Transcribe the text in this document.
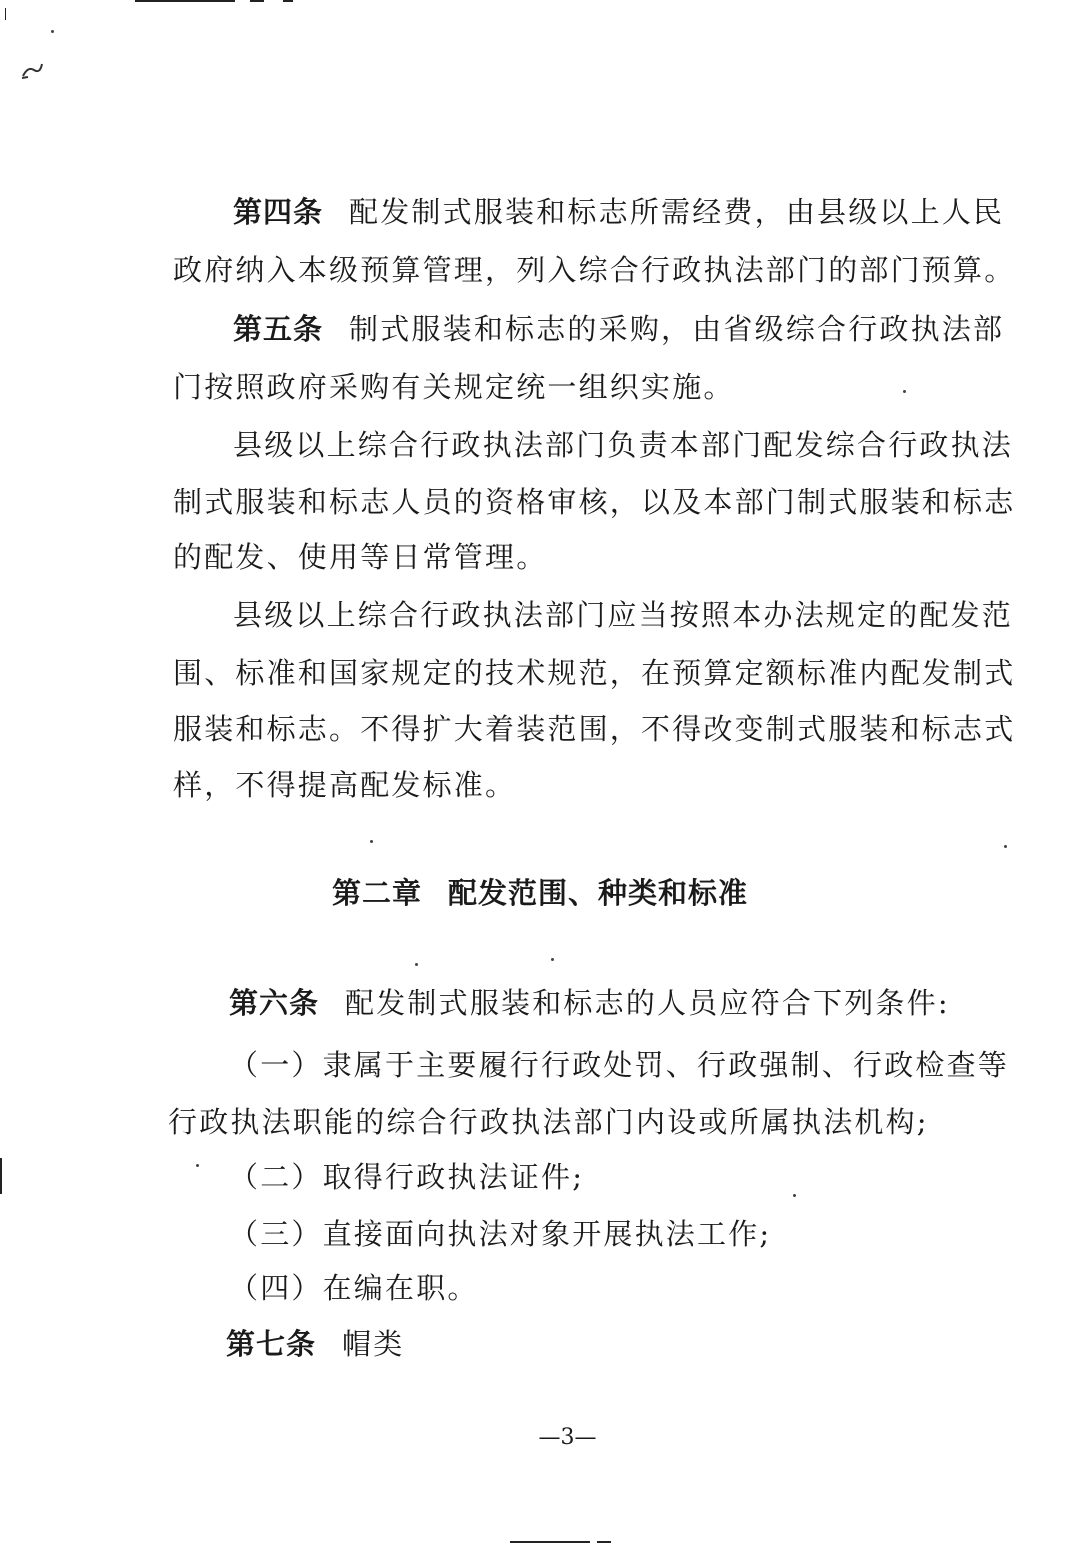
第四条 配发制式服装和标志所需经费，由县级以上人民
政府纳入本级预算管理，列入综合行政执法部门的部门预算。
第五条 制式服装和标志的采购，由省级综合行政执法部
门按照政府采购有关规定统一组织实施。
县级以上综合行政执法部门负责本部门配发综合行政执法
制式服装和标志人员的资格审核，以及本部门制式服装和标志
的配发、使用等日常管理。
县级以上综合行政执法部门应当按照本办法规定的配发范
围、标准和国家规定的技术规范，在预算定额标准内配发制式
服装和标志。不得扩大着装范围，不得改变制式服装和标志式
样，不得提高配发标准。
第二章 配发范围、种类和标准
第六条 配发制式服装和标志的人员应符合下列条件:
（一）隶属于主要履行行政处罚、行政强制、行政检查等
行政执法职能的综合行政执法部门内设或所属执法机构;
（二）取得行政执法证件;
（三）直接面向执法对象开展执法工作;
（四）在编在职。
第七条 帽类
—3—
